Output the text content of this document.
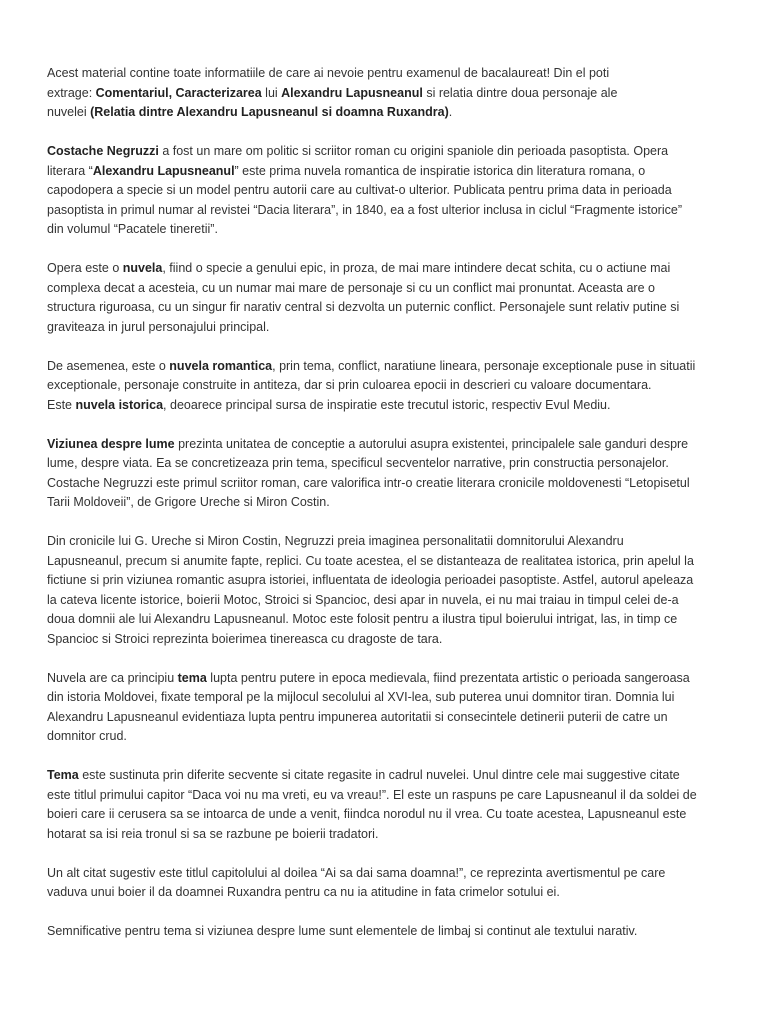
Acest material contine toate informatiile de care ai nevoie pentru examenul de bacalaureat! Din el poti
extrage: Comentariul, Caracterizarea lui Alexandru Lapusneanul si relatia dintre doua personaje ale
nuvelei (Relatia dintre Alexandru Lapusneanul si doamna Ruxandra).
Costache Negruzzi a fost un mare om politic si scriitor roman cu origini spaniole din perioada pasoptista. Opera
literara “Alexandru Lapusneanul” este prima nuvela romantica de inspiratie istorica din literatura romana, o
capodopera a specie si un model pentru autorii care au cultivat-o ulterior. Publicata pentru prima data in perioada
pasoptista in primul numar al revistei “Dacia literara”, in 1840, ea a fost ulterior inclusa in ciclul “Fragmente istorice”
din volumul “Pacatele tineretii”.
Opera este o nuvela, fiind o specie a genului epic, in proza, de mai mare intindere decat schita, cu o actiune mai
complexa decat a acesteia, cu un numar mai mare de personaje si cu un conflict mai pronuntat. Aceasta are o
structura riguroasa, cu un singur fir narativ central si dezvolta un puternic conflict. Personajele sunt relativ putine si
graviteaza in jurul personajului principal.
De asemenea, este o nuvela romantica, prin tema, conflict, naratiune lineara, personaje exceptionale puse in situatii
exceptionale, personaje construite in antiteza, dar si prin culoarea epocii in descrieri cu valoare documentara.
Este nuvela istorica, deoarece principal sursa de inspiratie este trecutul istoric, respectiv Evul Mediu.
Viziunea despre lume prezinta unitatea de conceptie a autorului asupra existentei, principalele sale ganduri despre
lume, despre viata. Ea se concretizeaza prin tema, specificul secventelor narrative, prin constructia personajelor.
Costache Negruzzi este primul scriitor roman, care valorifica intr-o creatie literara cronicile moldovenesti “Letopisetul
Tarii Moldoveii”, de Grigore Ureche si Miron Costin.
Din cronicile lui G. Ureche si Miron Costin, Negruzzi preia imaginea personalitatii domnitorului Alexandru
Lapusneanul, precum si anumite fapte, replici. Cu toate acestea, el se distanteaza de realitatea istorica, prin apelul la
fictiune si prin viziunea romantic asupra istoriei, influentata de ideologia perioadei pasoptiste. Astfel, autorul apeleaza
la cateva licente istorice, boierii Motoc, Stroici si Spancioc, desi apar in nuvela, ei nu mai traiau in timpul celei de-a
doua domnii ale lui Alexandru Lapusneanul. Motoc este folosit pentru a ilustra tipul boierului intrigat, las, in timp ce
Spancioc si Stroici reprezinta boierimea tinereasca cu dragoste de tara.
Nuvela are ca principiu tema lupta pentru putere in epoca medievala, fiind prezentata artistic o perioada sangeroasa
din istoria Moldovei, fixate temporal pe la mijlocul secolului al XVI-lea, sub puterea unui domnitor tiran. Domnia lui
Alexandru Lapusneanul evidentiaza lupta pentru impunerea autoritatii si consecintele detinerii puterii de catre un
domnitor crud.
Tema este sustinuta prin diferite secvente si citate regasite in cadrul nuvelei. Unul dintre cele mai suggestive citate
este titlul primului capitor “Daca voi nu ma vreti, eu va vreau!”. El este un raspuns pe care Lapusneanul il da soldei de
boieri care ii cerusera sa se intoarca de unde a venit, fiindca norodul nu il vrea. Cu toate acestea, Lapusneanul este
hotarat sa isi reia tronul si sa se razbune pe boierii tradatori.
Un alt citat sugestiv este titlul capitolului al doilea “Ai sa dai sama doamna!”, ce reprezinta avertismentul pe care
vaduva unui boier il da doamnei Ruxandra pentru ca nu ia atitudine in fata crimelor sotului ei.
Semnificative pentru tema si viziunea despre lume sunt elementele de limbaj si continut ale textului narativ.
